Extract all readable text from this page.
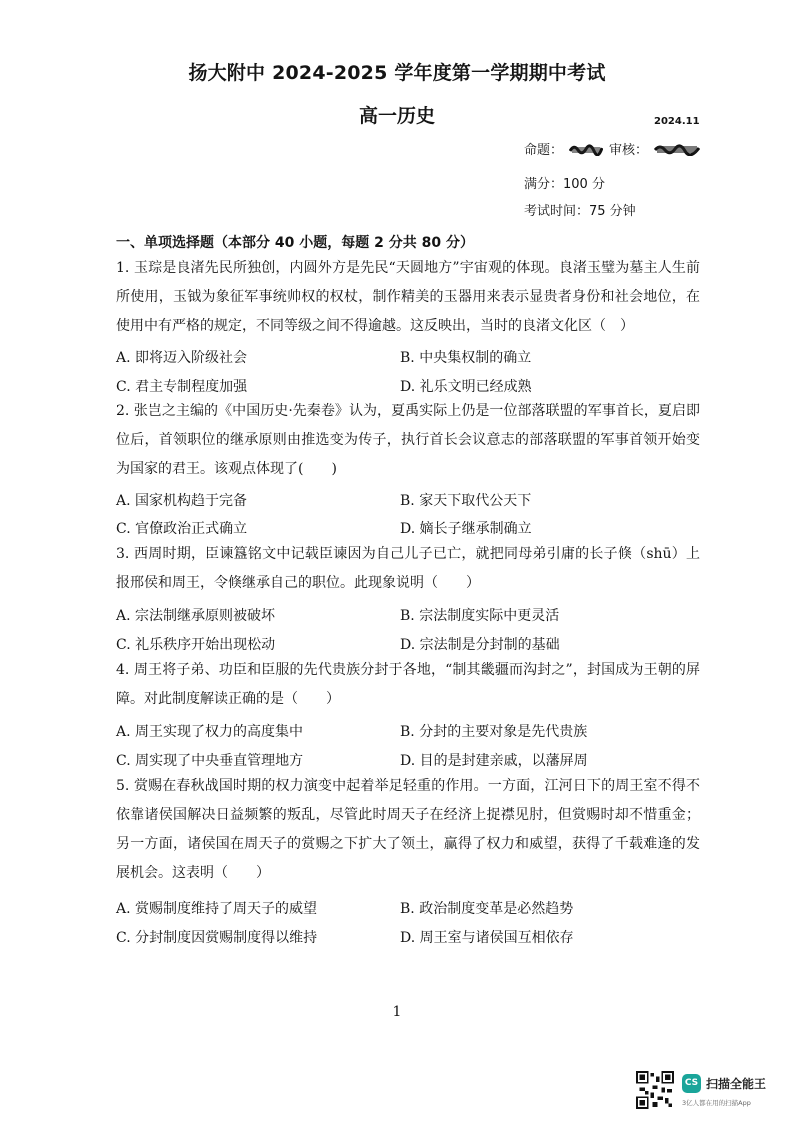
扬大附中 2024-2025 学年度第一学期期中考试
高一历史	2024.11
命题：	审核：
满分：100 分
考试时间：75 分钟
一、单项选择题（本部分 40 小题，每题 2 分共 80 分）
1. 玉琮是良渚先民所独创，内圆外方是先民“天圆地方”宇宙观的体现。良渚玉璧为墓主人生前所使用，玉钺为象征军事统帅权的权杖，制作精美的玉器用来表示显贵者身份和社会地位，在使用中有严格的规定，不同等级之间不得逾越。这反映出，当时的良渚文化区（　）
A. 即将迈入阶级社会	B. 中央集权制的确立
C. 君主专制程度加强	D. 礼乐文明已经成熟
2. 张岂之主编的《中国历史·先秦卷》认为，夏禹实际上仍是一位部落联盟的军事首长，夏启即位后，首领职位的继承原则由推选变为传子，执行首长会议意志的部落联盟的军事首领开始变为国家的君王。该观点体现了(　　)
A. 国家机构趋于完备	B. 家天下取代公天下
C. 官僚政治正式确立	D. 嫡长子继承制确立
3. 西周时期，臣谏簋铭文中记载臣谏因为自己儿子已亡，就把同母弟引庸的长子倏（shū）上报邢侯和周王，令倏继承自己的职位。此现象说明（　　）
A. 宗法制继承原则被破坏	B. 宗法制度实际中更灵活
C. 礼乐秩序开始出现松动	D. 宗法制是分封制的基础
4. 周王将子弟、功臣和臣服的先代贵族分封于各地，“制其畿疆而沟封之”，封国成为王朝的屏障。对此制度解读正确的是（　　）
A. 周王实现了权力的高度集中	B. 分封的主要对象是先代贵族
C. 周实现了中央垂直管理地方	D. 目的是封建亲戚，以藩屏周
5. 赏赐在春秋战国时期的权力演变中起着举足轻重的作用。一方面，江河日下的周王室不得不依靠诸侯国解决日益频繁的叛乱，尽管此时周天子在经济上捉襟见肘，但赏赐时却不惜重金；另一方面，诸侯国在周天子的赏赐之下扩大了领土，赢得了权力和威望，获得了千载难逢的发展机会。这表明（　　）
A. 赏赐制度维持了周天子的威望	B. 政治制度变革是必然趋势
C. 分封制度因赏赐制度得以维持	D. 周王室与诸侯国互相依存
1
CS 扫描全能王
3亿人都在用的扫描App
